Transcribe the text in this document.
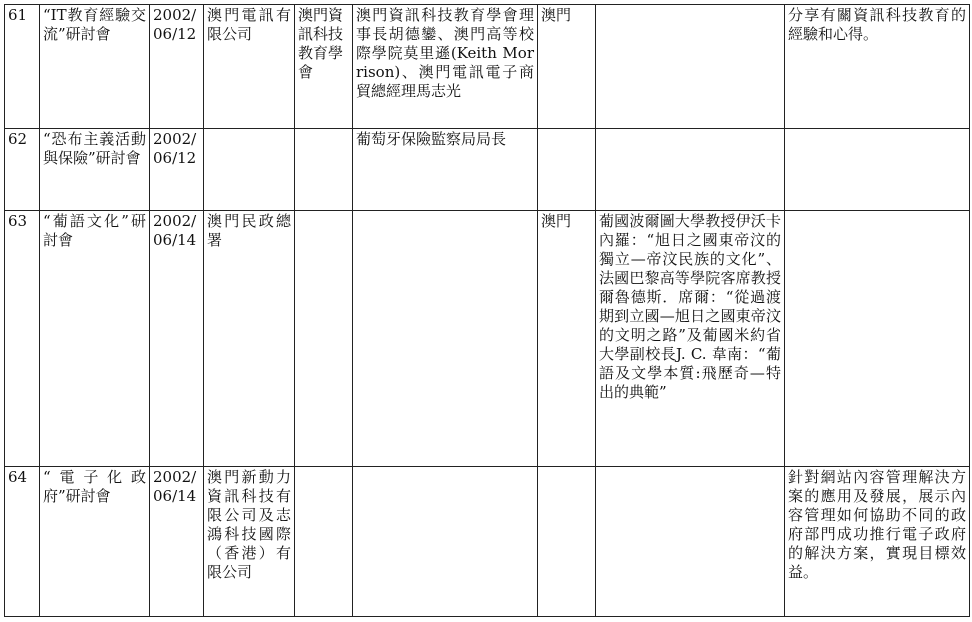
61	“IT教育經驗交流”研討會	2002/06/12	澳門電訊有限公司	澳門資訊科技教育學會	澳門資訊科技教育學會理事長胡德鑾、澳門高等校際學院莫里遜(Keith Morrison)、澳門電訊電子商貿總經理馬志光	澳門		分享有關資訊科技教育的經驗和心得。
62	“恐布主義活動與保險”研討會	2002/06/12			葡萄牙保險監察局局長			
63	“葡語文化”研討會	2002/06/14	澳門民政總署			澳門	葡國波爾圖大學教授伊沃卡內羅：“旭日之國東帝汶的獨立—帝汶民族的文化”、法國巴黎高等學院客席教授爾魯德斯．席爾：“從過渡期到立國—旭日之國東帝汶的文明之路”及葡國米約省大學副校長J. C. 韋南：“葡語及文學本質:飛歷奇—特出的典範”	
64	“電子化政府”研討會	2002/06/14	澳門新動力資訊科技有限公司及志鴻科技國際（香港）有限公司					針對網站內容管理解決方案的應用及發展，展示內容管理如何協助不同的政府部門成功推行電子政府的解決方案，實現目標效益。
